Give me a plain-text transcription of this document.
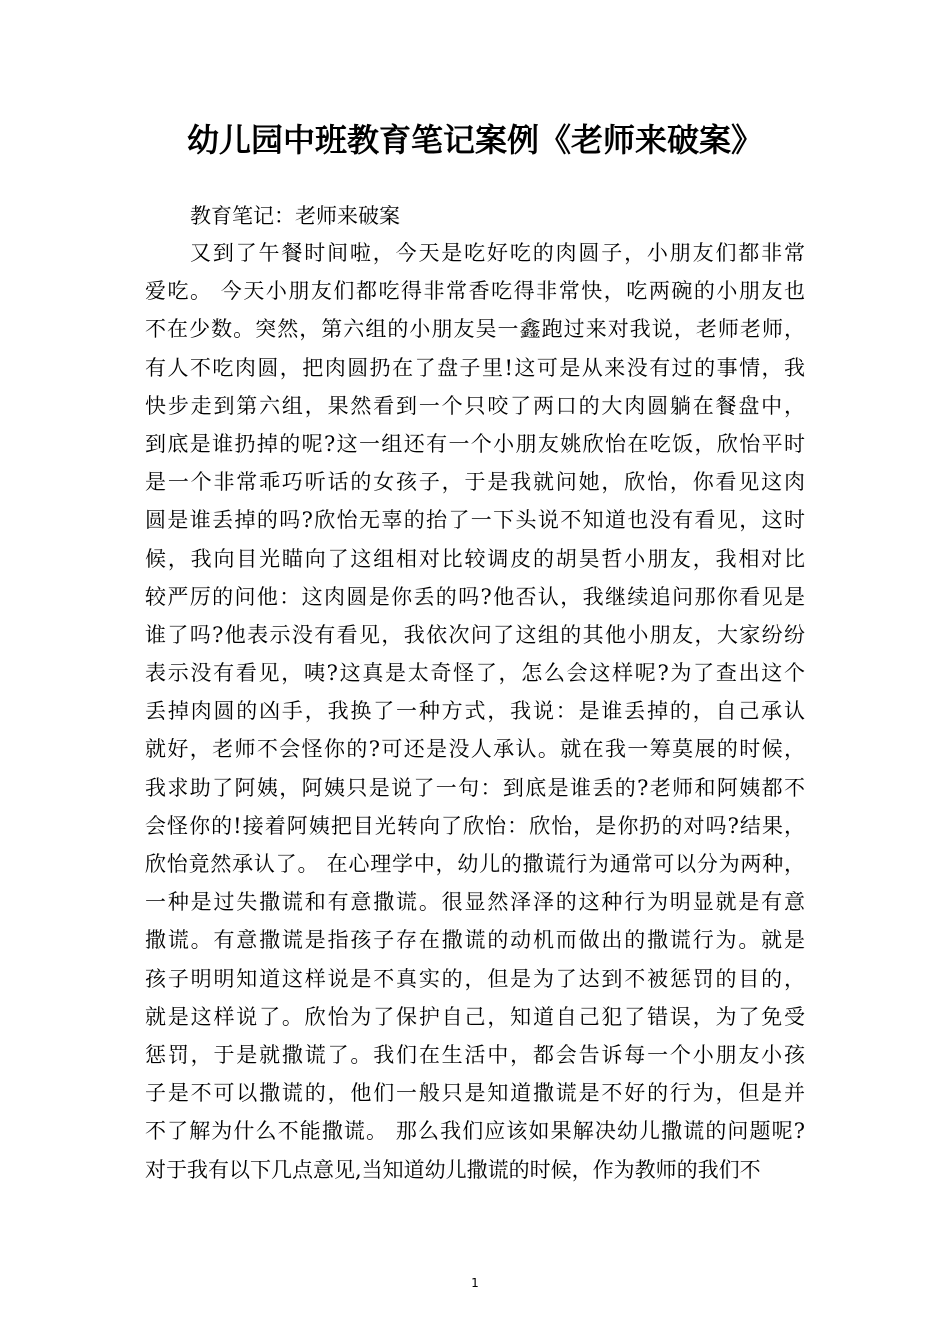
幼儿园中班教育笔记案例《老师来破案》
教育笔记：老师来破案
又到了午餐时间啦，今天是吃好吃的肉圆子，小朋友们都非常
爱吃。 今天小朋友们都吃得非常香吃得非常快，吃两碗的小朋友也
不在少数。突然，第六组的小朋友吴一鑫跑过来对我说，老师老师，
有人不吃肉圆，把肉圆扔在了盘子里!这可是从来没有过的事情，我
快步走到第六组，果然看到一个只咬了两口的大肉圆躺在餐盘中，
到底是谁扔掉的呢?这一组还有一个小朋友姚欣怡在吃饭，欣怡平时
是一个非常乖巧听话的女孩子，于是我就问她，欣怡，你看见这肉
圆是谁丢掉的吗?欣怡无辜的抬了一下头说不知道也没有看见，这时
候，我向目光瞄向了这组相对比较调皮的胡昊哲小朋友，我相对比
较严厉的问他：这肉圆是你丢的吗?他否认，我继续追问那你看见是
谁了吗?他表示没有看见，我依次问了这组的其他小朋友，大家纷纷
表示没有看见，咦?这真是太奇怪了，怎么会这样呢?为了查出这个
丢掉肉圆的凶手，我换了一种方式，我说：是谁丢掉的，自己承认
就好，老师不会怪你的?可还是没人承认。就在我一筹莫展的时候，
我求助了阿姨，阿姨只是说了一句：到底是谁丢的?老师和阿姨都不
会怪你的!接着阿姨把目光转向了欣怡：欣怡，是你扔的对吗?结果，
欣怡竟然承认了。 在心理学中，幼儿的撒谎行为通常可以分为两种，
一种是过失撒谎和有意撒谎。很显然泽泽的这种行为明显就是有意
撒谎。有意撒谎是指孩子存在撒谎的动机而做出的撒谎行为。就是
孩子明明知道这样说是不真实的，但是为了达到不被惩罚的目的，
就是这样说了。欣怡为了保护自己，知道自己犯了错误，为了免受
惩罚，于是就撒谎了。我们在生活中，都会告诉每一个小朋友小孩
子是不可以撒谎的，他们一般只是知道撒谎是不好的行为，但是并
不了解为什么不能撒谎。 那么我们应该如果解决幼儿撒谎的问题呢?
对于我有以下几点意见,当知道幼儿撒谎的时候，作为教师的我们不
1
